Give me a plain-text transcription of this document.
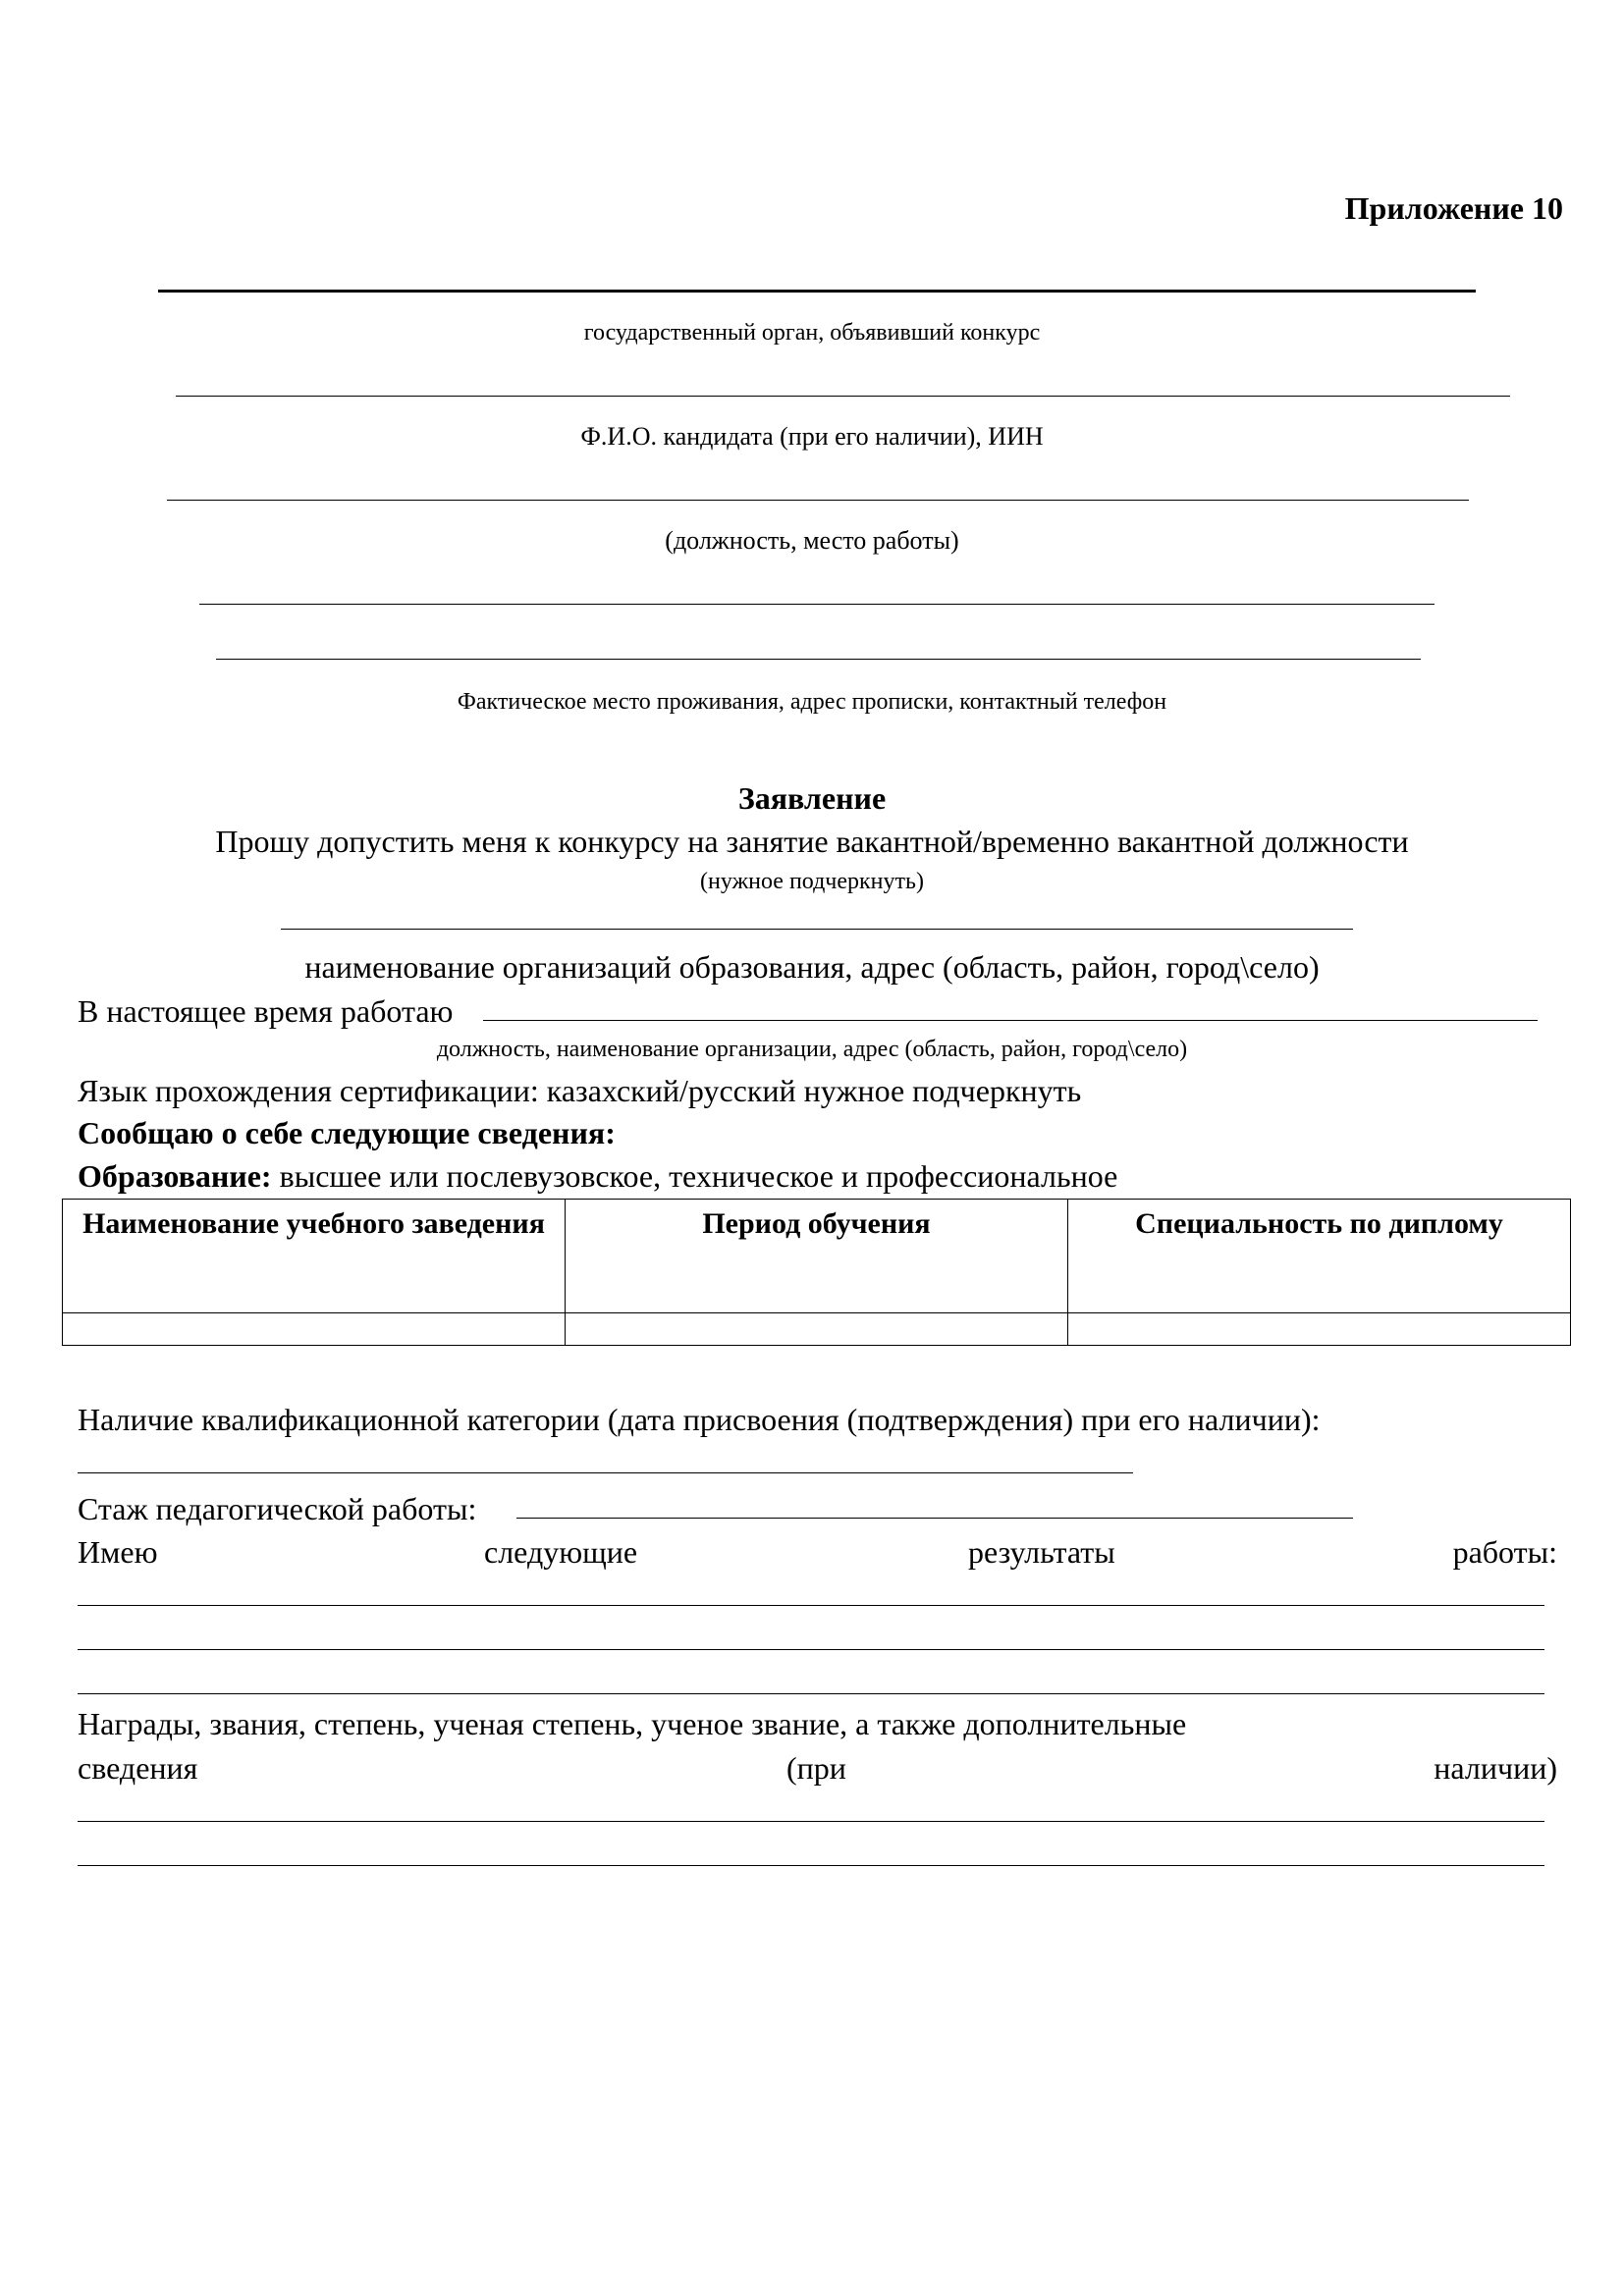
Приложение 10
государственный орган, объявивший конкурс
Ф.И.О. кандидата (при его наличии), ИИН
(должность, место работы)
Фактическое место проживания, адрес прописки, контактный телефон
Заявление
Прошу допустить меня к конкурсу на занятие вакантной/временно вакантной должности
(нужное подчеркнуть)
наименование организаций образования, адрес (область, район, город\село)
В настоящее время работаю
должность, наименование организации, адрес (область, район, город\село)
Язык прохождения сертификации: казахский/русский нужное подчеркнуть
Сообщаю о себе следующие сведения:
Образование: высшее или послевузовское, техническое и профессиональное
Наименование учебного заведения	Период обучения	Специальность по диплому

Наличие квалификационной категории (дата присвоения (подтверждения) при его наличии):
Стаж педагогической работы:
Имею	следующие	результаты	работы:
Награды, звания, степень, ученая степень, ученое звание, а также дополнительные
сведения	(при	наличии)
